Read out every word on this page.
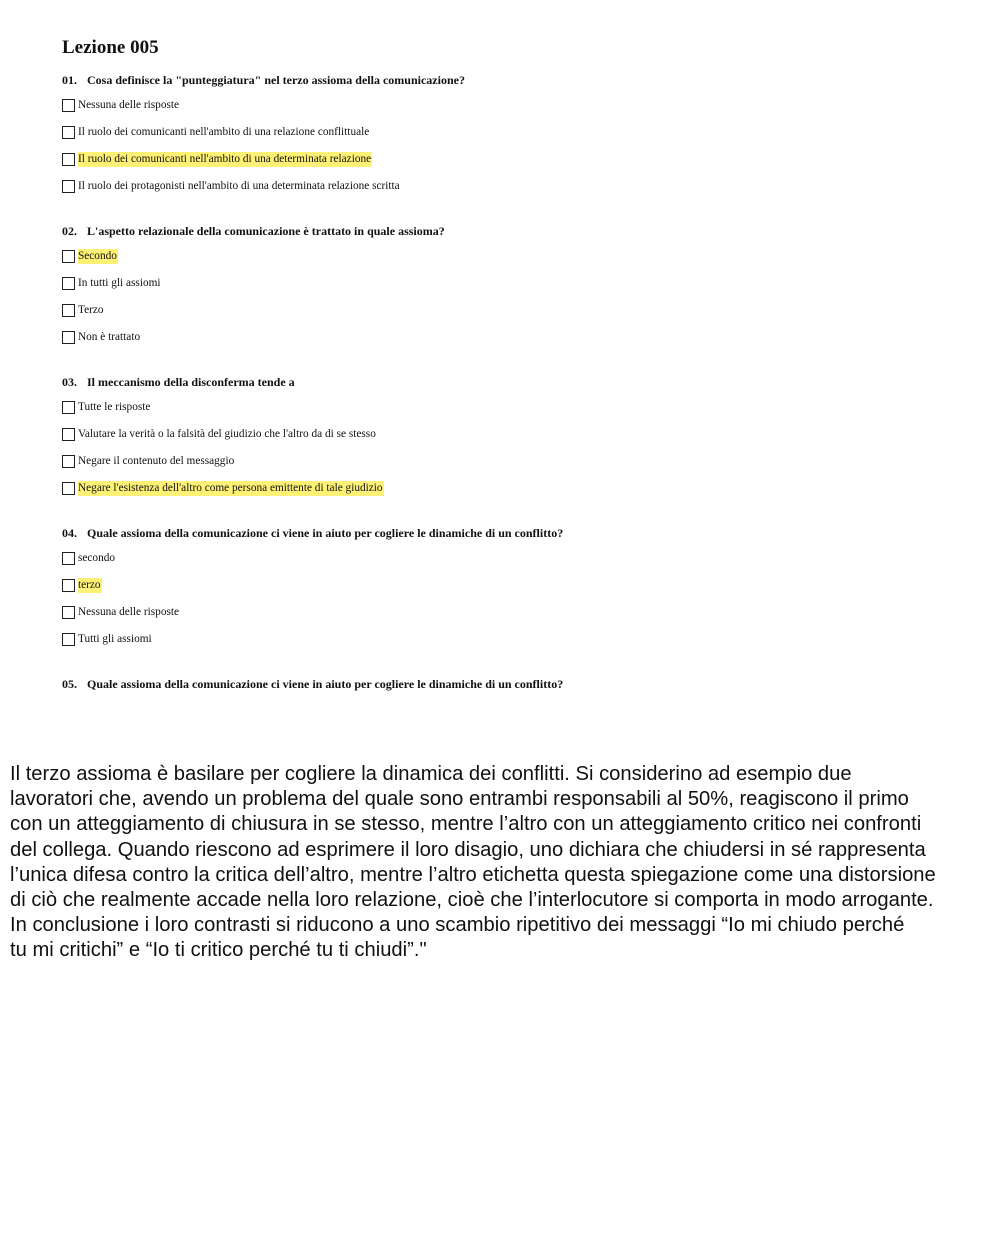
Lezione 005
01. Cosa definisce la "punteggiatura" nel terzo assioma della comunicazione?
Nessuna delle risposte
Il ruolo dei comunicanti nell'ambito di una relazione conflittuale
Il ruolo dei comunicanti nell'ambito di una determinata relazione
Il ruolo dei protagonisti nell'ambito di una determinata relazione scritta
02. L'aspetto relazionale della comunicazione è trattato in quale assioma?
Secondo
In tutti gli assiomi
Terzo
Non è trattato
03. Il meccanismo della disconferma tende a
Tutte le risposte
Valutare la verità o la falsità del giudizio che l'altro da di se stesso
Negare il contenuto del messaggio
Negare l'esistenza dell'altro come persona emittente di tale giudizio
04. Quale assioma della comunicazione ci viene in aiuto per cogliere le dinamiche di un conflitto?
secondo
terzo
Nessuna delle risposte
Tutti gli assiomi
05. Quale assioma della comunicazione ci viene in aiuto per cogliere le dinamiche di un conflitto?

Il terzo assioma è basilare per cogliere la dinamica dei conflitti. Si considerino ad esempio due
lavoratori che, avendo un problema del quale sono entrambi responsabili al 50%, reagiscono il primo
con un atteggiamento di chiusura in se stesso, mentre l’altro con un atteggiamento critico nei confronti
del collega. Quando riescono ad esprimere il loro disagio, uno dichiara che chiudersi in sé rappresenta
l’unica difesa contro la critica dell’altro, mentre l’altro etichetta questa spiegazione come una distorsione
di ciò che realmente accade nella loro relazione, cioè che l’interlocutore si comporta in modo arrogante.
In conclusione i loro contrasti si riducono a uno scambio ripetitivo dei messaggi “Io mi chiudo perché
tu mi critichi” e “Io ti critico perché tu ti chiudi”."
